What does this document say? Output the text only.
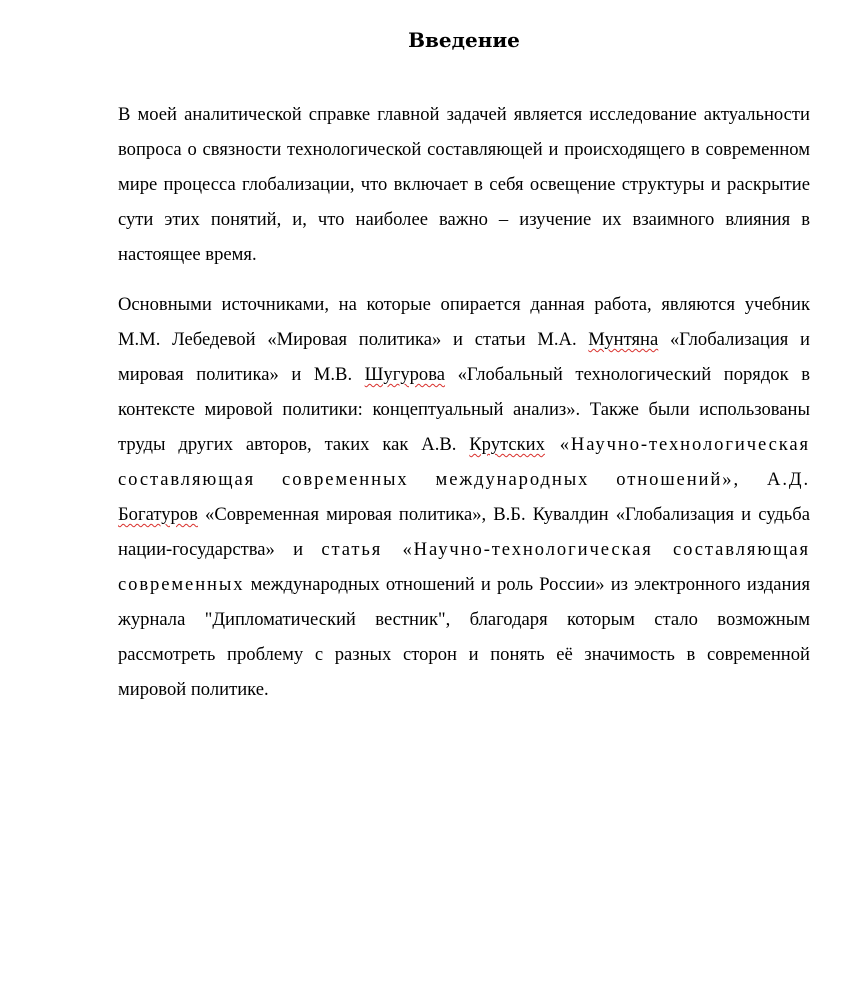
Введение

В моей аналитической справке главной задачей является исследование актуальности вопроса о связности технологической составляющей и происходящего в современном мире процесса глобализации, что включает в себя освещение структуры и раскрытие сути этих понятий, и, что наиболее важно – изучение их взаимного влияния в настоящее время.

Основными источниками, на которые опирается данная работа, являются учебник М.М. Лебедевой «Мировая политика» и статьи М.А. Мунтяна «Глобализация и мировая политика» и М.В. Шугурова «Глобальный технологический порядок в контексте мировой политики: концептуальный анализ». Также были использованы труды других авторов, таких как А.В. Крутских «Научно-технологическая составляющая современных международных отношений», А.Д. Богатуров «Современная мировая политика», В.Б. Кувалдин «Глобализация и судьба нации-государства» и статья «Научно-технологическая составляющая современных международных отношений и роль России» из электронного издания журнала "Дипломатический вестник", благодаря которым стало возможным рассмотреть проблему с разных сторон и понять её значимость в современной мировой политике.
